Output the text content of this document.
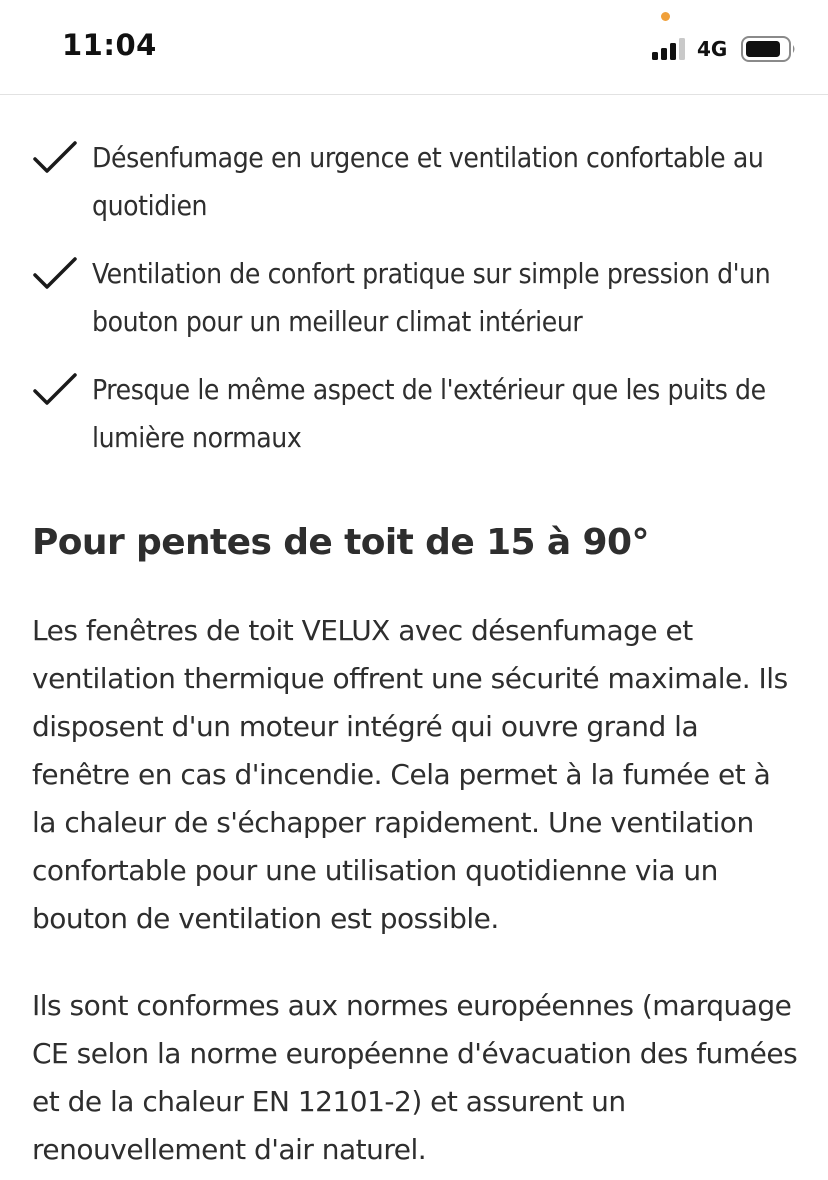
11:04	4G
Désenfumage en urgence et ventilation confortable au quotidien
Ventilation de confort pratique sur simple pression d'un bouton pour un meilleur climat intérieur
Presque le même aspect de l'extérieur que les puits de lumière normaux
Pour pentes de toit de 15 à 90°

Les fenêtres de toit VELUX avec désenfumage et ventilation thermique offrent une sécurité maximale. Ils disposent d'un moteur intégré qui ouvre grand la fenêtre en cas d'incendie. Cela permet à la fumée et à la chaleur de s'échapper rapidement. Une ventilation confortable pour une utilisation quotidienne via un bouton de ventilation est possible.

Ils sont conformes aux normes européennes (marquage CE selon la norme européenne d'évacuation des fumées et de la chaleur EN 12101-2) et assurent un renouvellement d'air naturel.
